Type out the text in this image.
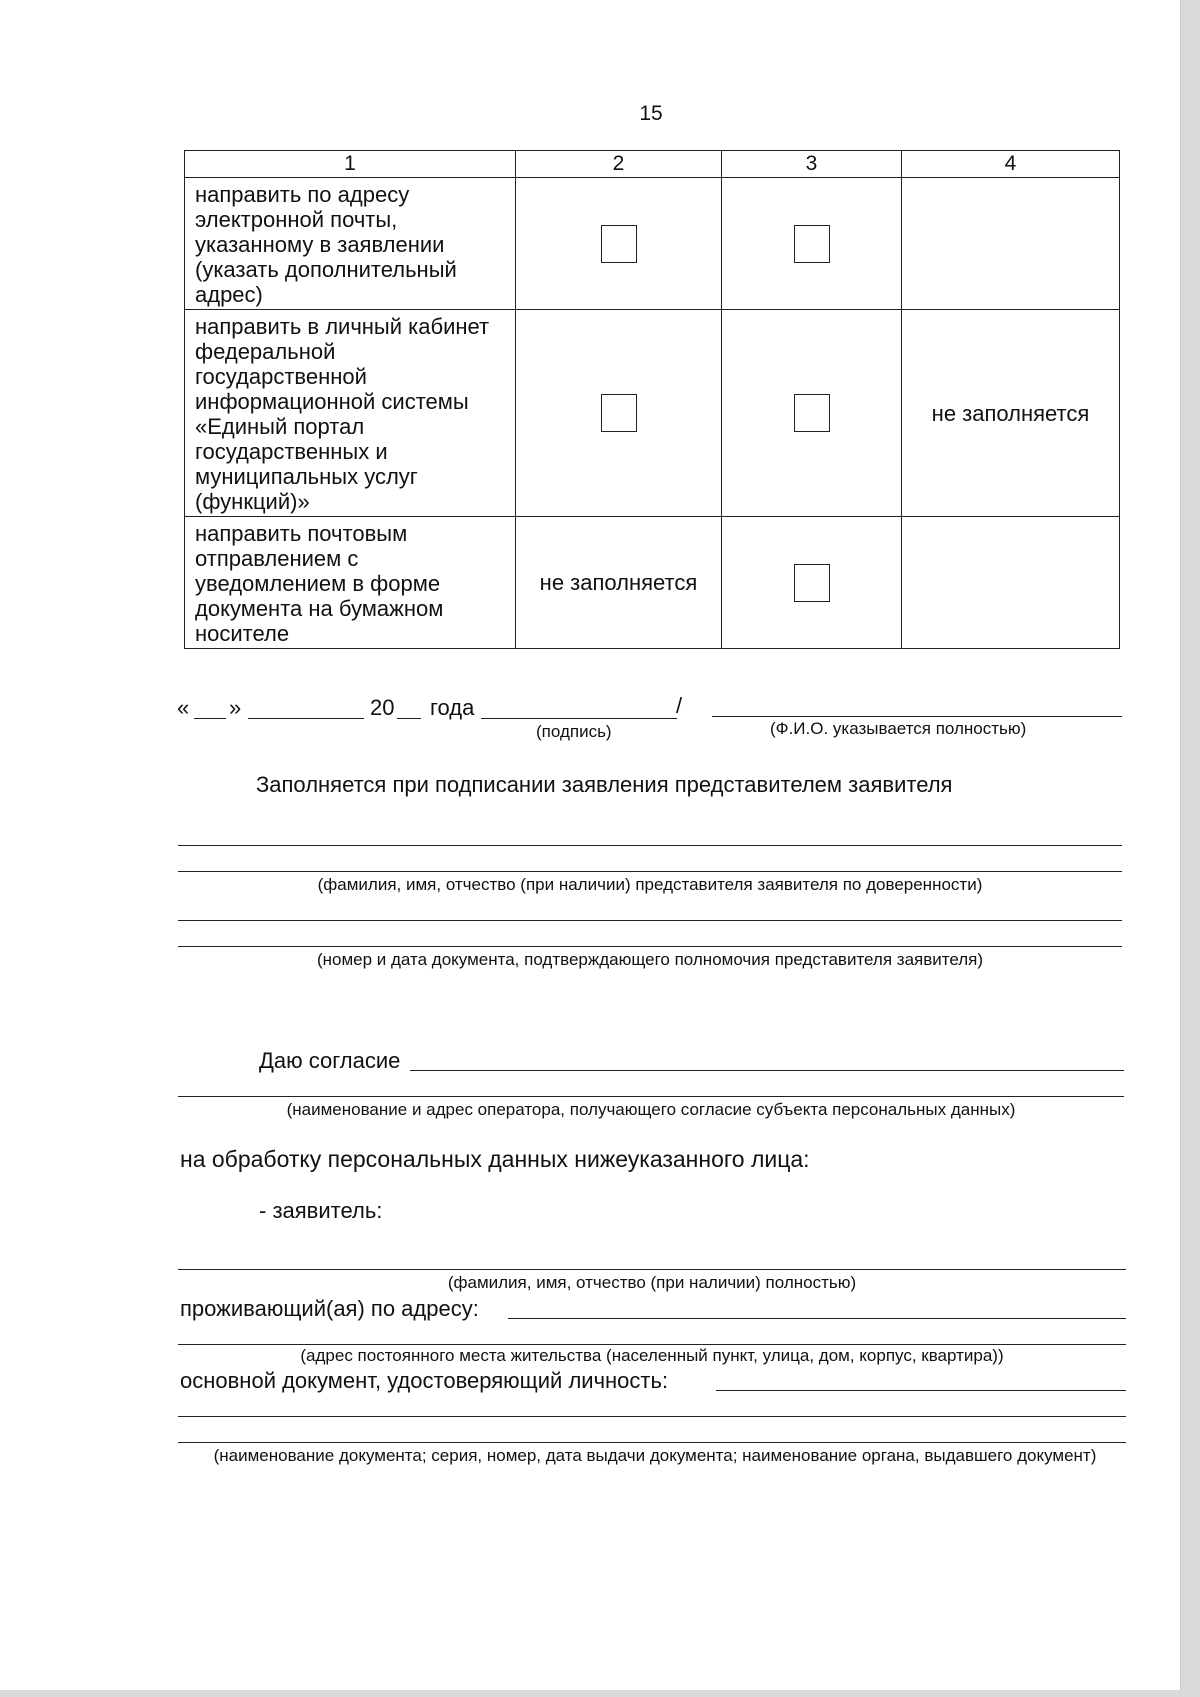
15
1	2	3	4
направить по адресу электронной почты, указанному в заявлении (указать дополнительный адрес)			
направить в личный кабинет федеральной государственной информационной системы «Единый портал государственных и муниципальных услуг (функций)»			не заполняется
направить почтовым отправлением с уведомлением в форме документа на бумажном носителе	не заполняется		
« »	20 года	/
(подпись)	(Ф.И.О. указывается полностью)
Заполняется при подписании заявления представителем заявителя
(фамилия, имя, отчество (при наличии) представителя заявителя по доверенности)
(номер и дата документа, подтверждающего полномочия представителя заявителя)
Даю согласие
(наименование и адрес оператора, получающего согласие субъекта персональных данных)
на обработку персональных данных нижеуказанного лица:
- заявитель:
(фамилия, имя, отчество (при наличии) полностью)
проживающий(ая) по адресу:
(адрес постоянного места жительства (населенный пункт, улица, дом, корпус, квартира))
основной документ, удостоверяющий личность:
(наименование документа; серия, номер, дата выдачи документа; наименование органа, выдавшего документ)
